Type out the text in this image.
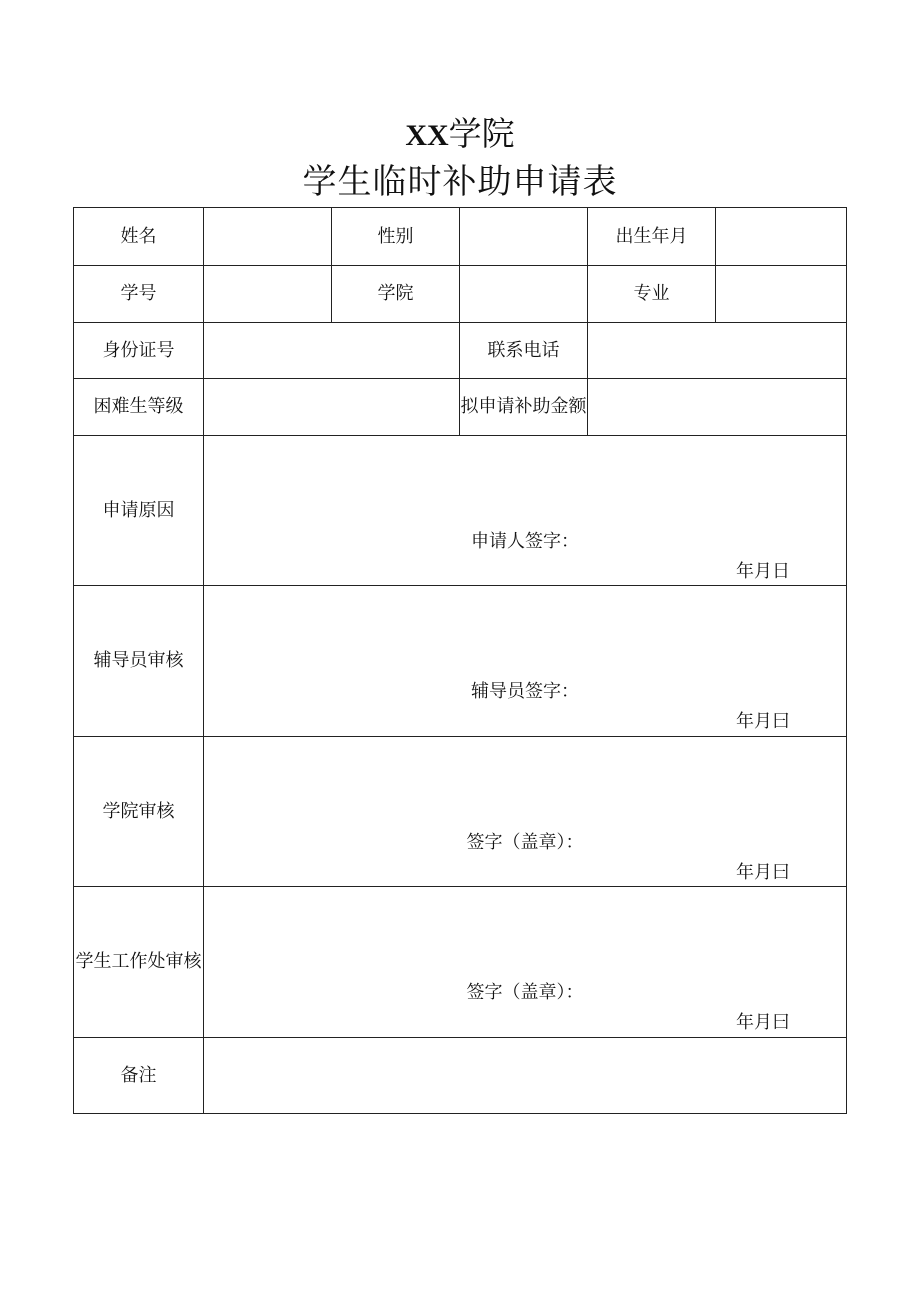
XX学院
学生临时补助申请表
姓名		性别		出生年月	
学号		学院		专业	
身份证号			联系电话		
困难生等级			拟申请补助金额		
申请原因	申请人签字：
年月日				

辅导员审核	辅导员签字：
年月曰				

学院审核	签字（盖章）：
年月曰				

学生工作处审核	签字（盖章）：
年月曰				

备注					
